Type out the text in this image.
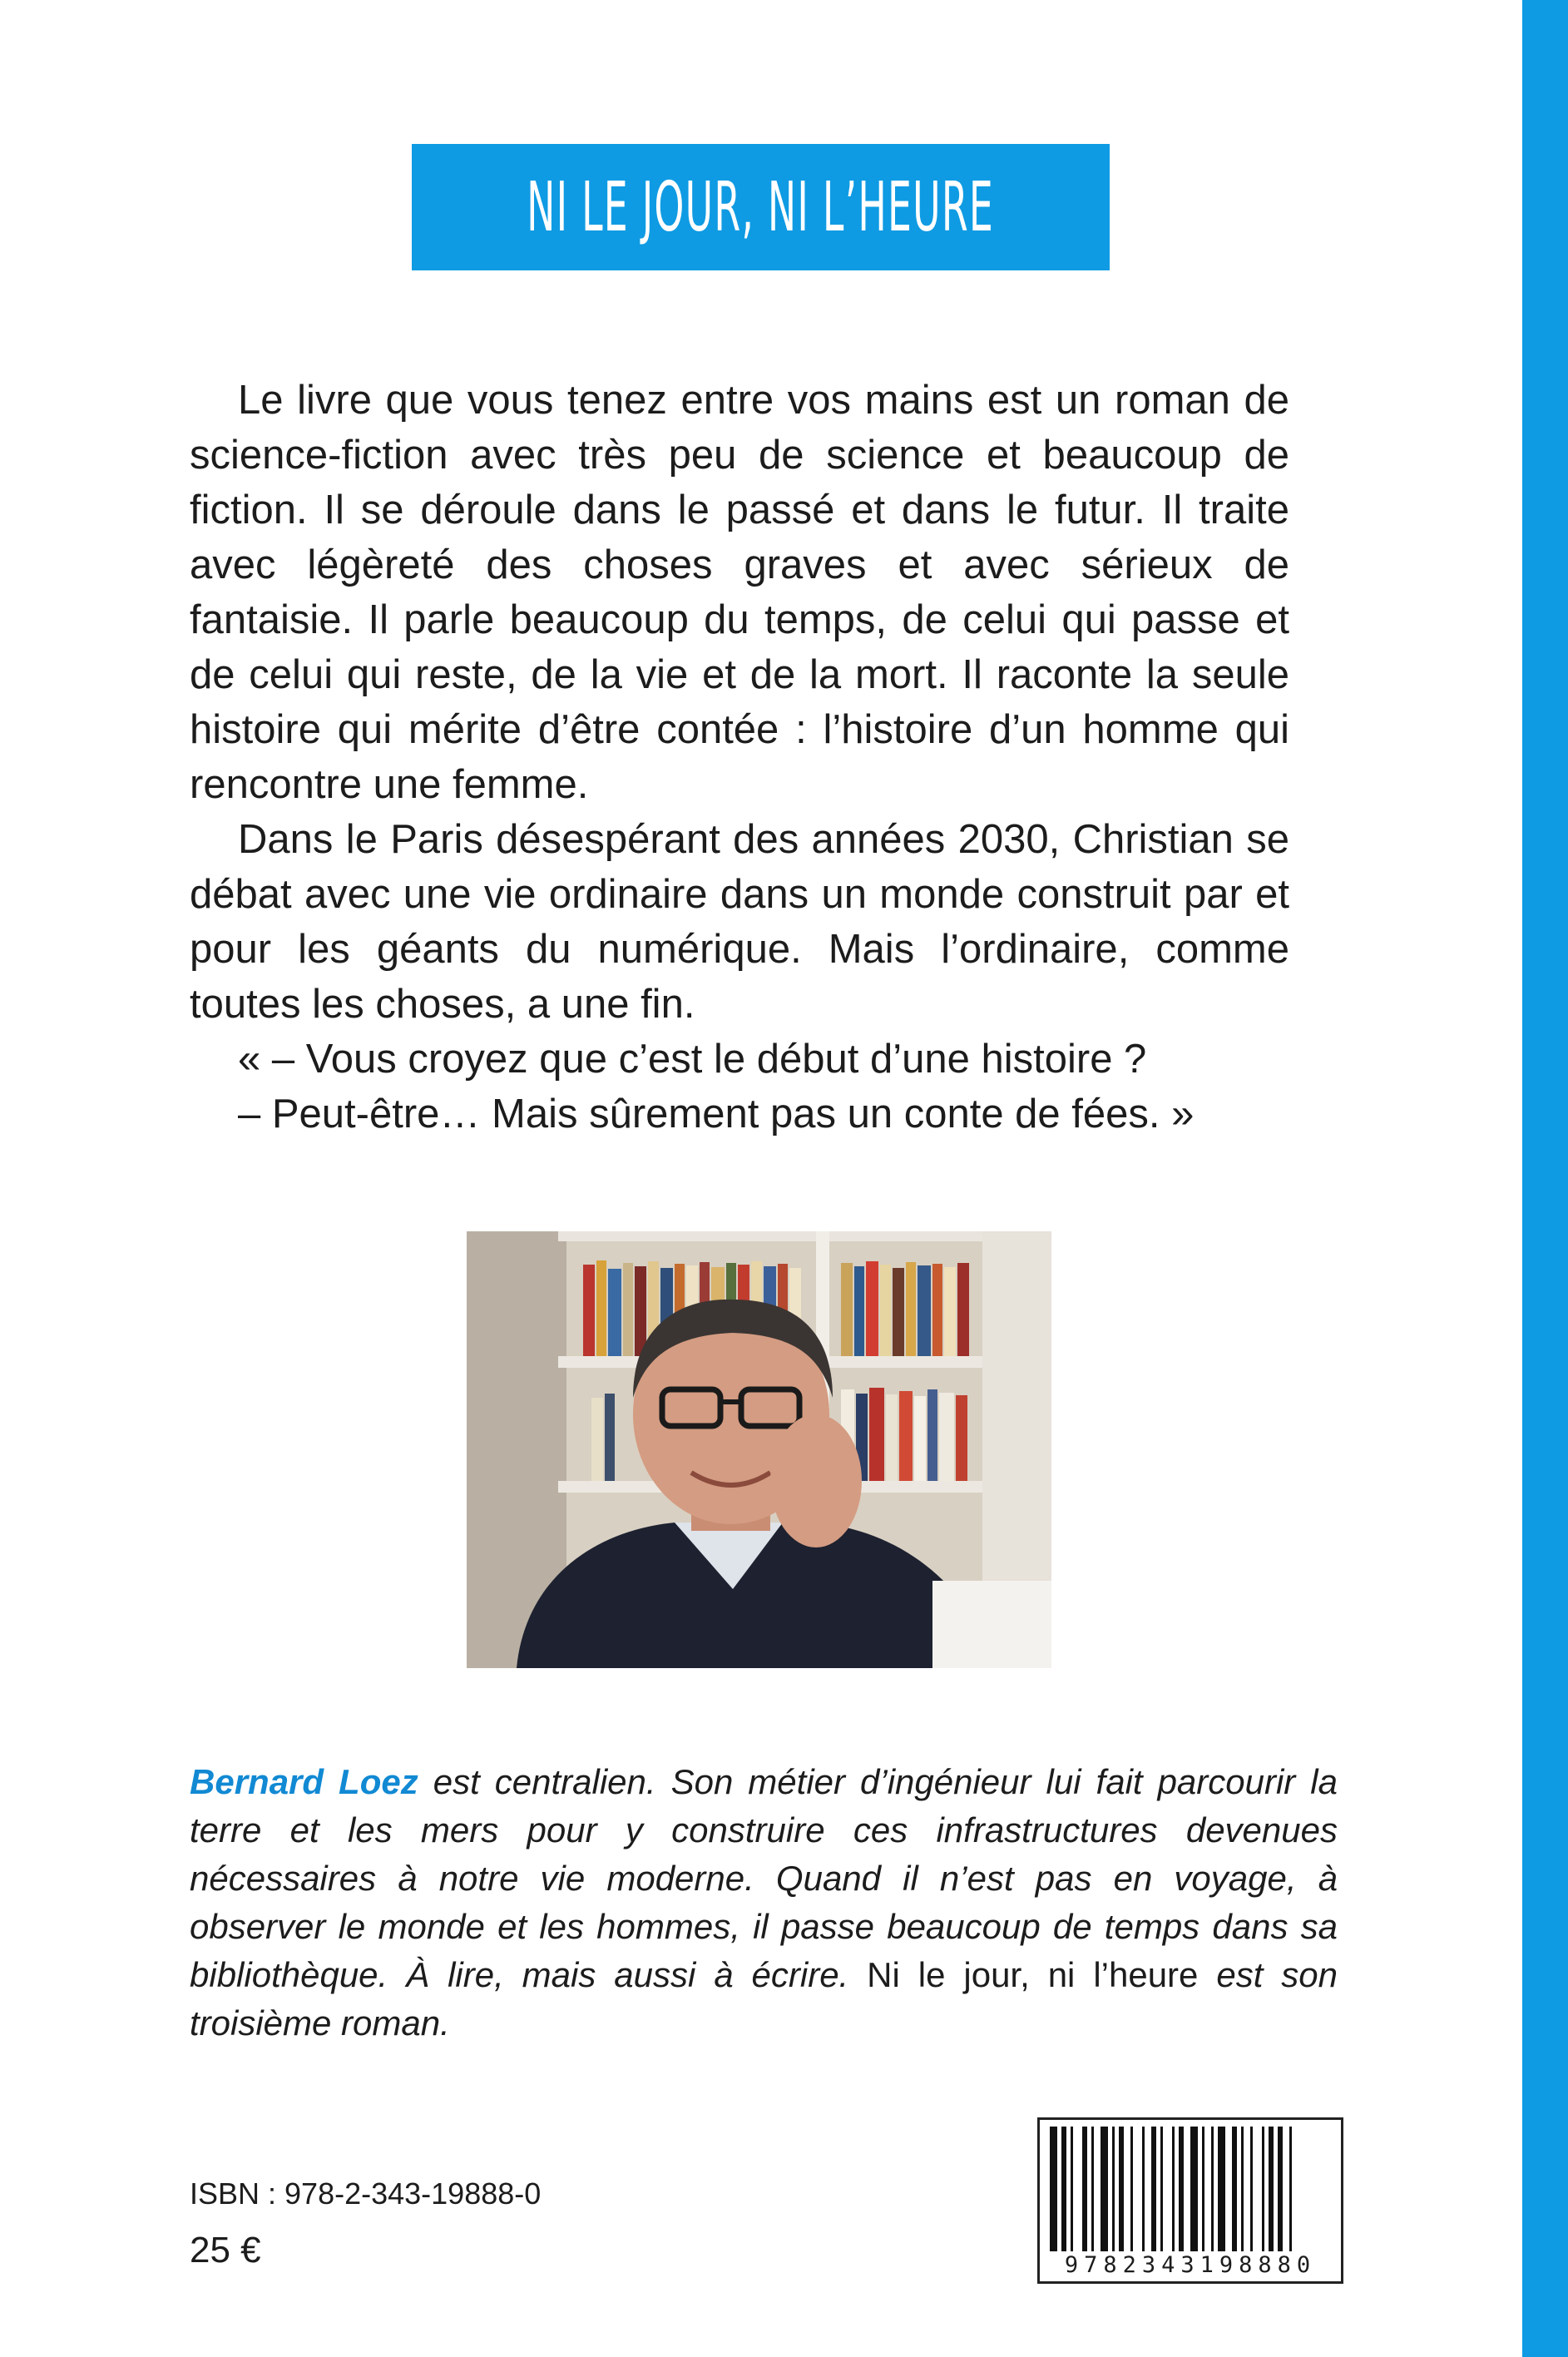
NI LE JOUR, NI L’HEURE

Le livre que vous tenez entre vos mains est un roman de science-fiction avec très peu de science et beaucoup de fiction. Il se déroule dans le passé et dans le futur. Il traite avec légèreté des choses graves et avec sérieux de fantaisie. Il parle beaucoup du temps, de celui qui passe et de celui qui reste, de la vie et de la mort. Il raconte la seule histoire qui mérite d’être contée : l’histoire d’un homme qui rencontre une femme.

Dans le Paris désespérant des années 2030, Christian se débat avec une vie ordinaire dans un monde construit par et pour les géants du numérique. Mais l’ordinaire, comme toutes les choses, a une fin.

« – Vous croyez que c’est le début d’une histoire ?

– Peut-être… Mais sûrement pas un conte de fées. »

Bernard Loez est centralien. Son métier d’ingénieur lui fait parcourir la terre et les mers pour y construire ces infrastructures devenues nécessaires à notre vie moderne. Quand il n’est pas en voyage, à observer le monde et les hommes, il passe beaucoup de temps dans sa bibliothèque. À lire, mais aussi à écrire. Ni le jour, ni l’heure est son troisième roman.
ISBN : 978-2-343-19888-0
25 €	9782343198880
